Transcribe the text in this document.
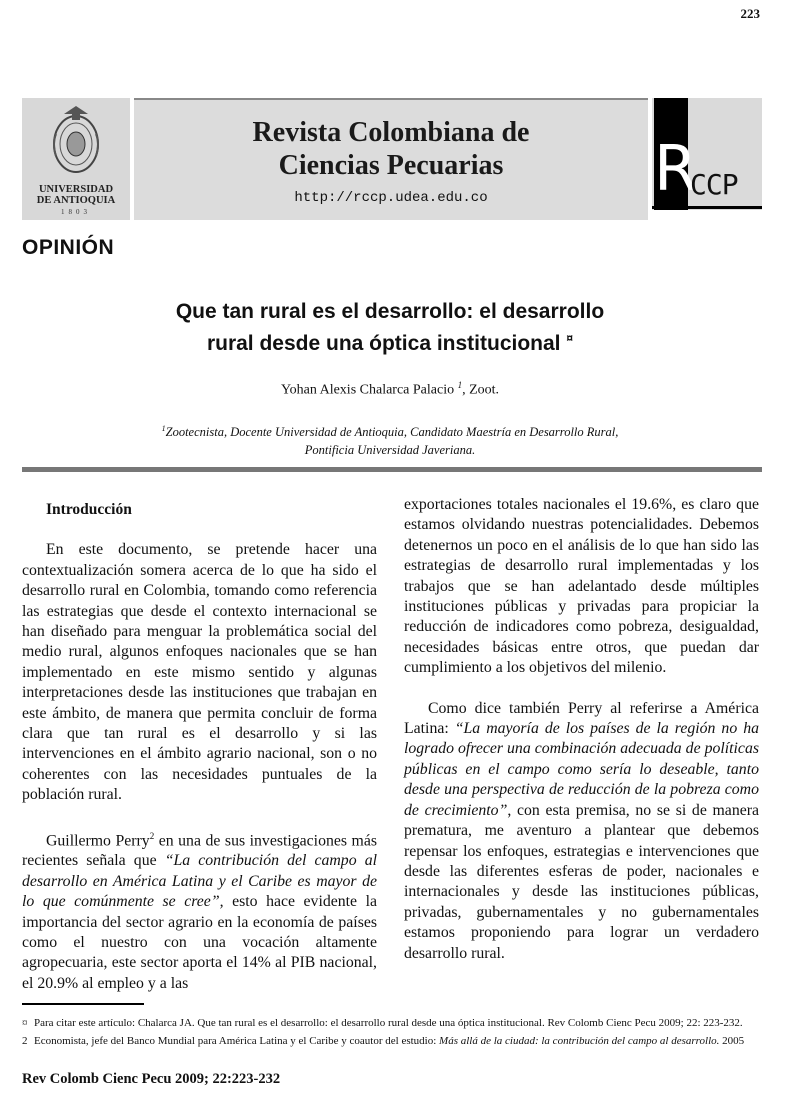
223
UNIVERSIDAD
DE ANTIOQUIA
1803
Revista Colombiana de
Ciencias Pecuarias
http://rccp.udea.edu.co	R
CCP
OPINIÓN
Que tan rural es el desarrollo: el desarrollo
rural desde una óptica institucional ¤
Yohan Alexis Chalarca Palacio $^1$, Zoot.
$^1$Zootecnista, Docente Universidad de Antioquia, Candidato Maestría en Desarrollo Rural,
Pontificia Universidad Javeriana.
Introducción

En este documento, se pretende hacer una contextualización somera acerca de lo que ha sido el desarrollo rural en Colombia, tomando como referencia las estrategias que desde el contexto internacional se han diseñado para menguar la problemática social del medio rural, algunos enfoques nacionales que se han implementado en este mismo sentido y algunas interpretaciones desde las instituciones que trabajan en este ámbito, de manera que permita concluir de forma clara que tan rural es el desarrollo y si las intervenciones en el ámbito agrario nacional, son o no coherentes con las necesidades puntuales de la población rural.

Guillermo Perry$^2$ en una de sus investigaciones más recientes señala que “La contribución del campo al desarrollo en América Latina y el Caribe es mayor de lo que comúnmente se cree”, esto hace evidente la importancia del sector agrario en la economía de países como el nuestro con una vocación altamente agropecuaria, este sector aporta el 14% al PIB nacional, el 20.9% al empleo y a las

exportaciones totales nacionales el 19.6%, es claro que estamos olvidando nuestras potencialidades. Debemos detenernos un poco en el análisis de lo que han sido las estrategias de desarrollo rural implementadas y los trabajos que se han adelantado desde múltiples instituciones públicas y privadas para propiciar la reducción de indicadores como pobreza, desigualdad, necesidades básicas entre otros, que puedan dar cumplimiento a los objetivos del milenio.

Como dice también Perry al referirse a América Latina: “La mayoría de los países de la región no ha logrado ofrecer una combinación adecuada de políticas públicas en el campo como sería lo deseable, tanto desde una perspectiva de reducción de la pobreza como de crecimiento”, con esta premisa, no se si de manera prematura, me aventuro a plantear que debemos repensar los enfoques, estrategias e intervenciones que desde las diferentes esferas de poder, nacionales e internacionales y desde las instituciones públicas, privadas, gubernamentales y no gubernamentales estamos proponiendo para lograr un verdadero desarrollo rural.

¤ Para citar este artículo: Chalarca JA. Que tan rural es el desarrollo: el desarrollo rural desde una óptica institucional. Rev Colomb Cienc Pecu 2009; 22: 223-232.
2 Economista, jefe del Banco Mundial para América Latina y el Caribe y coautor del estudio: Más allá de la ciudad: la contribución del campo al desarrollo. 2005
Rev Colomb Cienc Pecu 2009; 22:223-232
